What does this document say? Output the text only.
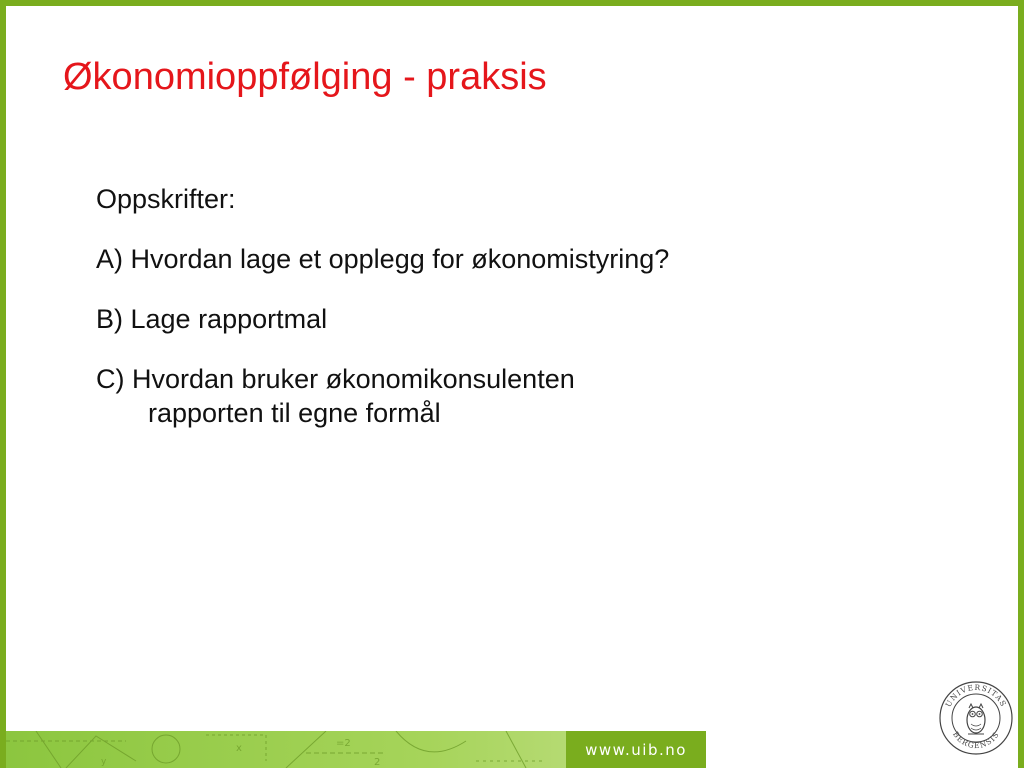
Økonomioppfølging - praksis
Oppskrifter:
A) Hvordan lage et opplegg for økonomistyring?
B) Lage rapportmal
C) Hvordan bruker økonomikonsulenten
rapporten til egne formål
UNIVERSITAS
BERGENSIS
=2
2
y
x	www.uib.no
